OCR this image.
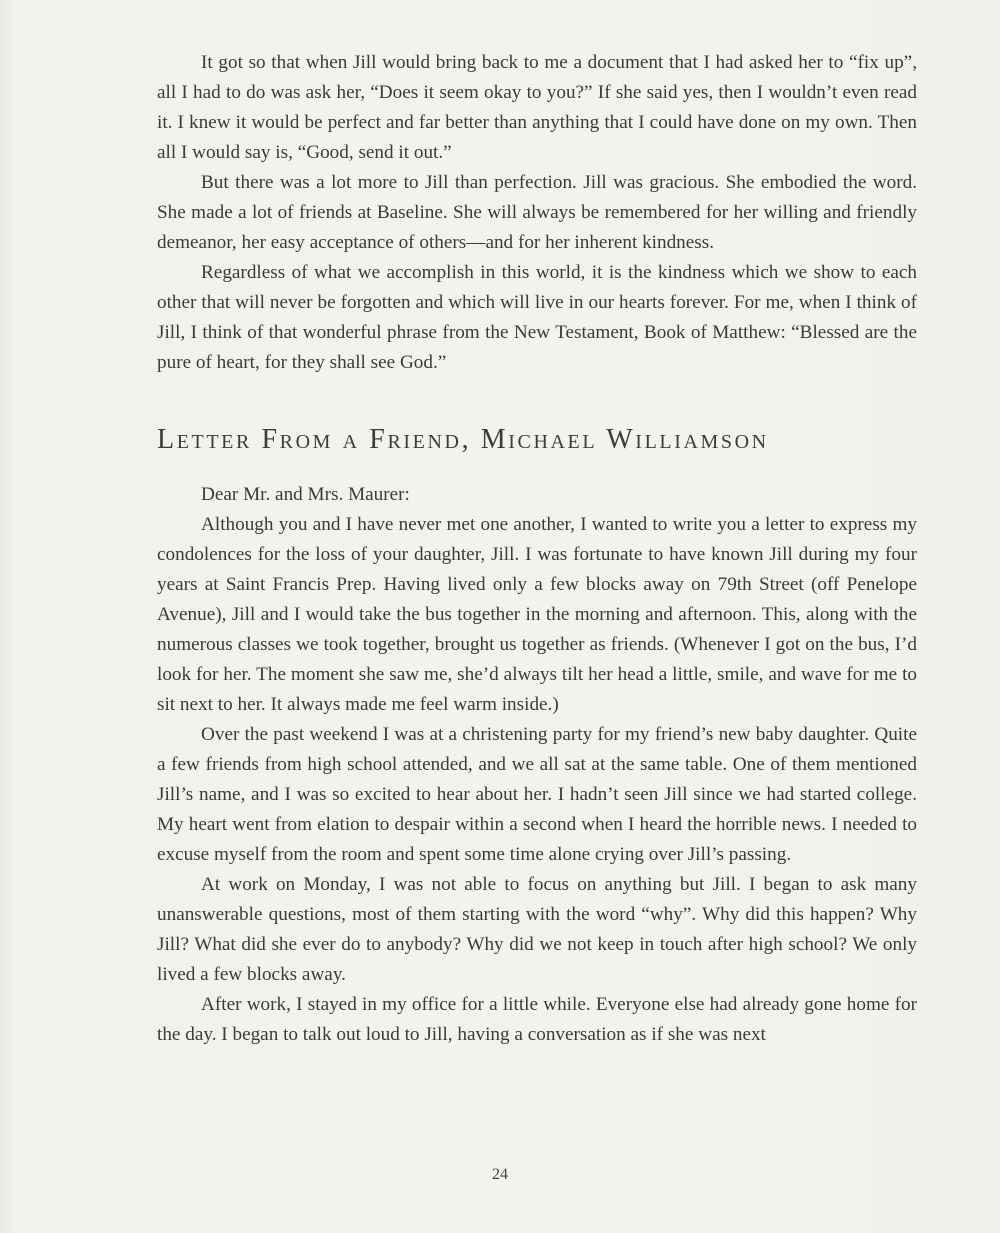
It got so that when Jill would bring back to me a document that I had asked her to “fix up”, all I had to do was ask her, “Does it seem okay to you?” If she said yes, then I wouldn’t even read it. I knew it would be perfect and far better than anything that I could have done on my own. Then all I would say is, “Good, send it out.”

But there was a lot more to Jill than perfection. Jill was gracious. She embodied the word. She made a lot of friends at Baseline. She will always be remembered for her willing and friendly demeanor, her easy acceptance of others—and for her inherent kindness.

Regardless of what we accomplish in this world, it is the kindness which we show to each other that will never be forgotten and which will live in our hearts forever. For me, when I think of Jill, I think of that wonderful phrase from the New Testament, Book of Matthew: “Blessed are the pure of heart, for they shall see God.”

Letter From a Friend, Michael Williamson

Dear Mr. and Mrs. Maurer:

Although you and I have never met one another, I wanted to write you a letter to express my condolences for the loss of your daughter, Jill. I was fortunate to have known Jill during my four years at Saint Francis Prep. Having lived only a few blocks away on 79th Street (off Penelope Avenue), Jill and I would take the bus together in the morning and afternoon. This, along with the numerous classes we took together, brought us together as friends. (Whenever I got on the bus, I’d look for her. The moment she saw me, she’d always tilt her head a little, smile, and wave for me to sit next to her. It always made me feel warm inside.)

Over the past weekend I was at a christening party for my friend’s new baby daughter. Quite a few friends from high school attended, and we all sat at the same table. One of them mentioned Jill’s name, and I was so excited to hear about her. I hadn’t seen Jill since we had started college. My heart went from elation to despair within a second when I heard the horrible news. I needed to excuse myself from the room and spent some time alone crying over Jill’s passing.

At work on Monday, I was not able to focus on anything but Jill. I began to ask many unanswerable questions, most of them starting with the word “why”. Why did this happen? Why Jill? What did she ever do to anybody? Why did we not keep in touch after high school? We only lived a few blocks away.

After work, I stayed in my office for a little while. Everyone else had already gone home for the day. I began to talk out loud to Jill, having a conversation as if she was next

24
